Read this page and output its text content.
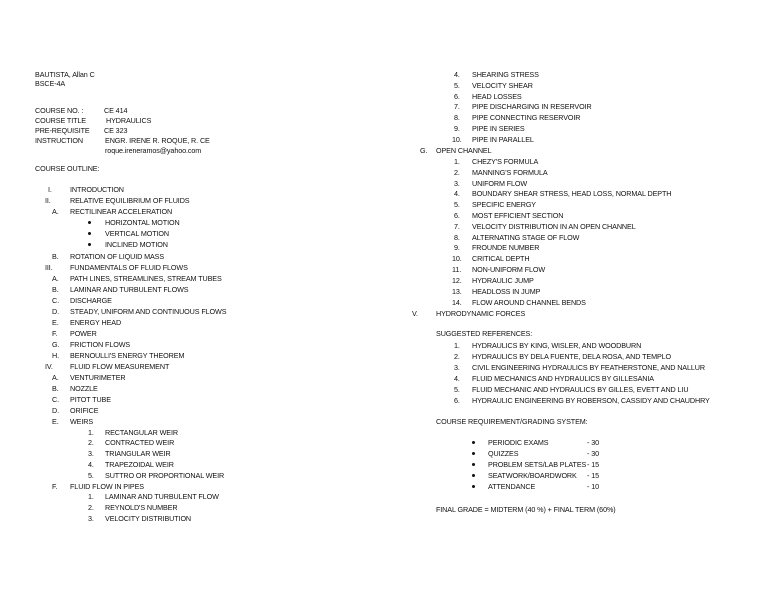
BAUTISTA, Allan C
BSCE-4A
COURSE NO. :	CE 414
COURSE TITLE	HYDRAULICS
PRE-REQUISITE CE 323
INSTRUCTION	ENGR. IRENE R. ROQUE, R. CE
roque.ireneramos@yahoo.com
COURSE OUTLINE:
I.	INTRODUCTION
II.	RELATIVE EQUILIBRIUM OF FLUIDS
A. RECTILINEAR ACCELERATION
HORIZONTAL MOTION
VERTICAL MOTION
INCLINED MOTION
B. ROTATION OF LIQUID MASS
III. FUNDAMENTALS OF FLUID FLOWS
A. PATH LINES, STREAMLINES, STREAM TUBES
B. LAMINAR AND TURBULENT FLOWS
C. DISCHARGE
D. STEADY, UNIFORM AND CONTINUOUS FLOWS
E. ENERGY HEAD
F. POWER
G. FRICTION FLOWS
H. BERNOULLI'S ENERGY THEOREM
IV. FLUID FLOW MEASUREMENT
A. VENTURIMETER
B. NOZZLE
C. PITOT TUBE
D. ORIFICE
E. WEIRS
1. RECTANGULAR WEIR
2. CONTRACTED WEIR
3. TRIANGULAR WEIR
4. TRAPEZOIDAL WEIR
5. SUTTRO OR PROPORTIONAL WEIR
F. FLUID FLOW IN PIPES
1. LAMINAR AND TURBULENT FLOW
2. REYNOLD'S NUMBER
3. VELOCITY DISTRIBUTION
4. SHEARING STRESS
5. VELOCITY SHEAR
6. HEAD LOSSES
7. PIPE DISCHARGING IN RESERVOIR
8. PIPE CONNECTING RESERVOIR
9. PIPE IN SERIES
10. PIPE IN PARALLEL
G. OPEN CHANNEL
1. CHEZY'S FORMULA
2. MANNING'S FORMULA
3. UNIFORM FLOW
4. BOUNDARY SHEAR STRESS, HEAD LOSS, NORMAL DEPTH
5. SPECIFIC ENERGY
6. MOST EFFICIENT SECTION
7. VELOCITY DISTRIBUTION IN AN OPEN CHANNEL
8. ALTERNATING STAGE OF FLOW
9. FROUNDE NUMBER
10. CRITICAL DEPTH
11. NON-UNIFORM FLOW
12. HYDRAULIC JUMP
13. HEADLOSS IN JUMP
14. FLOW AROUND CHANNEL BENDS
V.	HYDRODYNAMIC FORCES
SUGGESTED REFERENCES:
1. HYDRAULICS BY KING, WISLER, AND WOODBURN
2. HYDRAULICS BY DELA FUENTE, DELA ROSA, AND TEMPLO
3. CIVIL ENGINEERING HYDRAULICS BY FEATHERSTONE, AND NALLUR
4. FLUID MECHANICS AND HYDRAULICS BY GILLESANIA
5. FLUID MECHANIC AND HYDRAULICS BY GILLES, EVETT AND LIU
6. HYDRAULIC ENGINEERING BY ROBERSON, CASSIDY AND CHAUDHRY
COURSE REQUIREMENT/GRADING SYSTEM:
PERIODIC EXAMS	- 30
QUIZZES	- 30
PROBLEM SETS/LAB PLATES - 15
SEATWORK/BOARDWORK - 15
ATTENDANCE	- 10
FINAL GRADE = MIDTERM (40 %) + FINAL TERM (60%)
